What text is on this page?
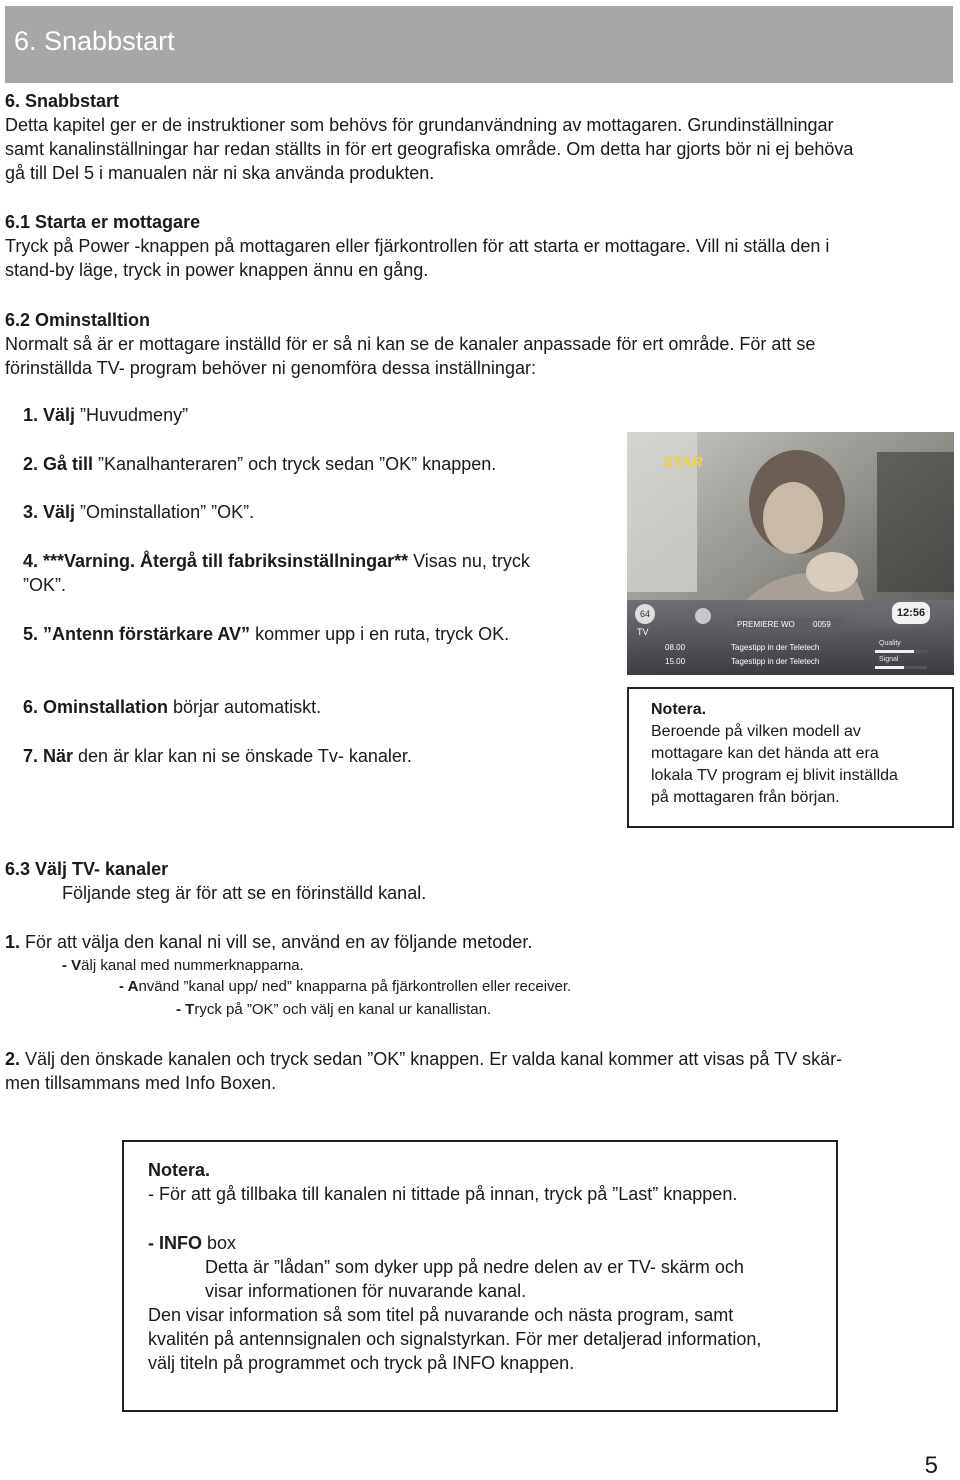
6. Snabbstart
6. Snabbstart
Detta kapitel ger er de instruktioner som behövs för grundanvändning av mottagaren. Grundinställningar
samt kanalinställningar har redan ställts in för ert geografiska område. Om detta har gjorts bör ni ej behöva
gå till Del 5 i manualen när ni ska använda produkten.
6.1 Starta er mottagare
Tryck på Power -knappen på mottagaren eller fjärkontrollen för att starta er mottagare. Vill ni ställa den i
stand-by läge, tryck in power knappen ännu en gång.
6.2 Ominstalltion
Normalt så är er mottagare inställd för er så ni kan se de kanaler anpassade för ert område. För att se
förinställda TV- program behöver ni genomföra dessa inställningar:
1. Välj ”Huvudmeny”
2. Gå till ”Kanalhanteraren” och tryck sedan ”OK” knappen.
3. Välj ”Ominstallation” ”OK”.
4. ***Varning. Återgå till fabriksinställningar** Visas nu, tryck
”OK”.
5. ”Antenn förstärkare AV” kommer upp i en ruta, tryck OK.
6. Ominstallation börjar automatiskt.
7. När den är klar kan ni se önskade Tv- kanaler.
STAR
64
TV
12:56
PREMIERE WO	0059
08.00	Tagestipp in der Teletech
15.00	Tagestipp in der Teletech
Quality
Signal
Notera.
Beroende på vilken modell av
mottagare kan det hända att era
lokala TV program ej blivit inställda
på mottagaren från början.
6.3 Välj TV- kanaler
Följande steg är för att se en förinställd kanal.
1. För att välja den kanal ni vill se, använd en av följande metoder.
- Välj kanal med nummerknapparna.
- Använd ”kanal upp/ ned” knapparna på fjärkontrollen eller receiver.
- Tryck på ”OK” och välj en kanal ur kanallistan.
2. Välj den önskade kanalen och tryck sedan ”OK” knappen. Er valda kanal kommer att visas på TV skär-
men tillsammans med Info Boxen.
Notera.
- För att gå tillbaka till kanalen ni tittade på innan, tryck på ”Last” knappen.
- INFO box
Detta är ”lådan” som dyker upp på nedre delen av er TV- skärm och
visar informationen för nuvarande kanal.
Den visar information så som titel på nuvarande och nästa program, samt
kvalitén på antennsignalen och signalstyrkan. För mer detaljerad information,
välj titeln på programmet och tryck på INFO knappen.
5
